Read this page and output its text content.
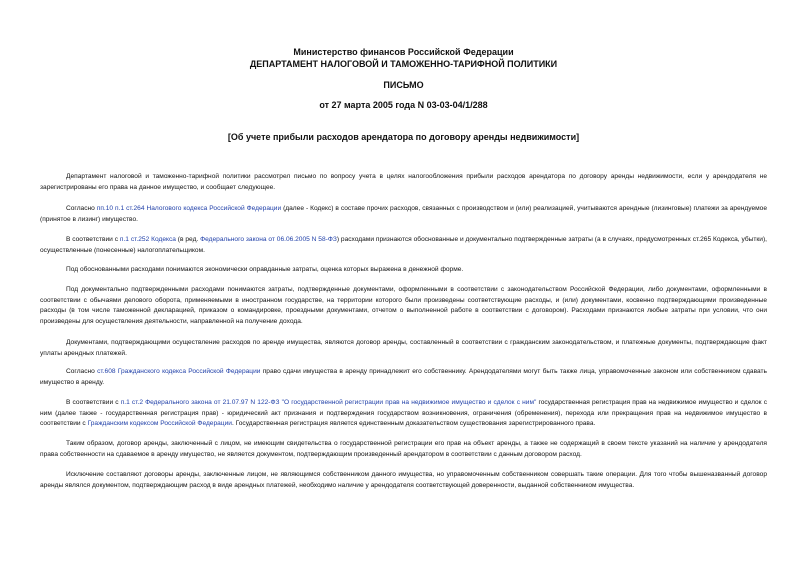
Министерство финансов Российской Федерации
ДЕПАРТАМЕНТ НАЛОГОВОЙ И ТАМОЖЕННО-ТАРИФНОЙ ПОЛИТИКИ
ПИСЬМО
от 27 марта 2005 года N 03-03-04/1/288
[Об учете прибыли расходов арендатора по договору аренды недвижимости]

Департамент налоговой и таможенно-тарифной политики рассмотрел письмо по вопросу учета в целях налогообложения прибыли расходов арендатора по договору аренды недвижимости, если у арендодателя не зарегистрированы его права на данное имущество, и сообщает следующее.

Согласно пп.10 п.1 ст.264 Налогового кодекса Российской Федерации (далее - Кодекс) в составе прочих расходов, связанных с производством и (или) реализацией, учитываются арендные (лизинговые) платежи за арендуемое (принятое в лизинг) имущество.

В соответствии с п.1 ст.252 Кодекса (в ред. Федерального закона от 06.06.2005 N 58-ФЗ) расходами признаются обоснованные и документально подтвержденные затраты (а в случаях, предусмотренных ст.265 Кодекса, убытки), осуществленные (понесенные) налогоплательщиком.

Под обоснованными расходами понимаются экономически оправданные затраты, оценка которых выражена в денежной форме.

Под документально подтвержденными расходами понимаются затраты, подтвержденные документами, оформленными в соответствии с законодательством Российской Федерации, либо документами, оформленными в соответствии с обычаями делового оборота, применяемыми в иностранном государстве, на территории которого были произведены соответствующие расходы, и (или) документами, косвенно подтверждающими произведенные расходы (в том числе таможенной декларацией, приказом о командировке, проездными документами, отчетом о выполненной работе в соответствии с договором). Расходами признаются любые затраты при условии, что они произведены для осуществления деятельности, направленной на получение дохода.

Документами, подтверждающими осуществление расходов по аренде имущества, являются договор аренды, составленный в соответствии с гражданским законодательством, и платежные документы, подтверждающие факт уплаты арендных платежей.

Согласно ст.608 Гражданского кодекса Российской Федерации право сдачи имущества в аренду принадлежит его собственнику. Арендодателями могут быть также лица, управомоченные законом или собственником сдавать имущество в аренду.

В соответствии с п.1 ст.2 Федерального закона от 21.07.97 N 122-ФЗ "О государственной регистрации прав на недвижимое имущество и сделок с ним" государственная регистрация прав на недвижимое имущество и сделок с ним (далее также - государственная регистрация прав) - юридический акт признания и подтверждения государством возникновения, ограничения (обременения), перехода или прекращения прав на недвижимое имущество в соответствии с Гражданским кодексом Российской Федерации. Государственная регистрация является единственным доказательством существования зарегистрированного права.

Таким образом, договор аренды, заключенный с лицом, не имеющим свидетельства о государственной регистрации его прав на объект аренды, а также не содержащий в своем тексте указаний на наличие у арендодателя права собственности на сдаваемое в аренду имущество, не является документом, подтверждающим произведенный арендатором в соответствии с данным договором расход.

Исключение составляют договоры аренды, заключенные лицом, не являющимся собственником данного имущества, но управомоченным собственником совершать такие операции. Для того чтобы вышеназванный договор аренды являлся документом, подтверждающим расход в виде арендных платежей, необходимо наличие у арендодателя соответствующей доверенности, выданной собственником имущества.
